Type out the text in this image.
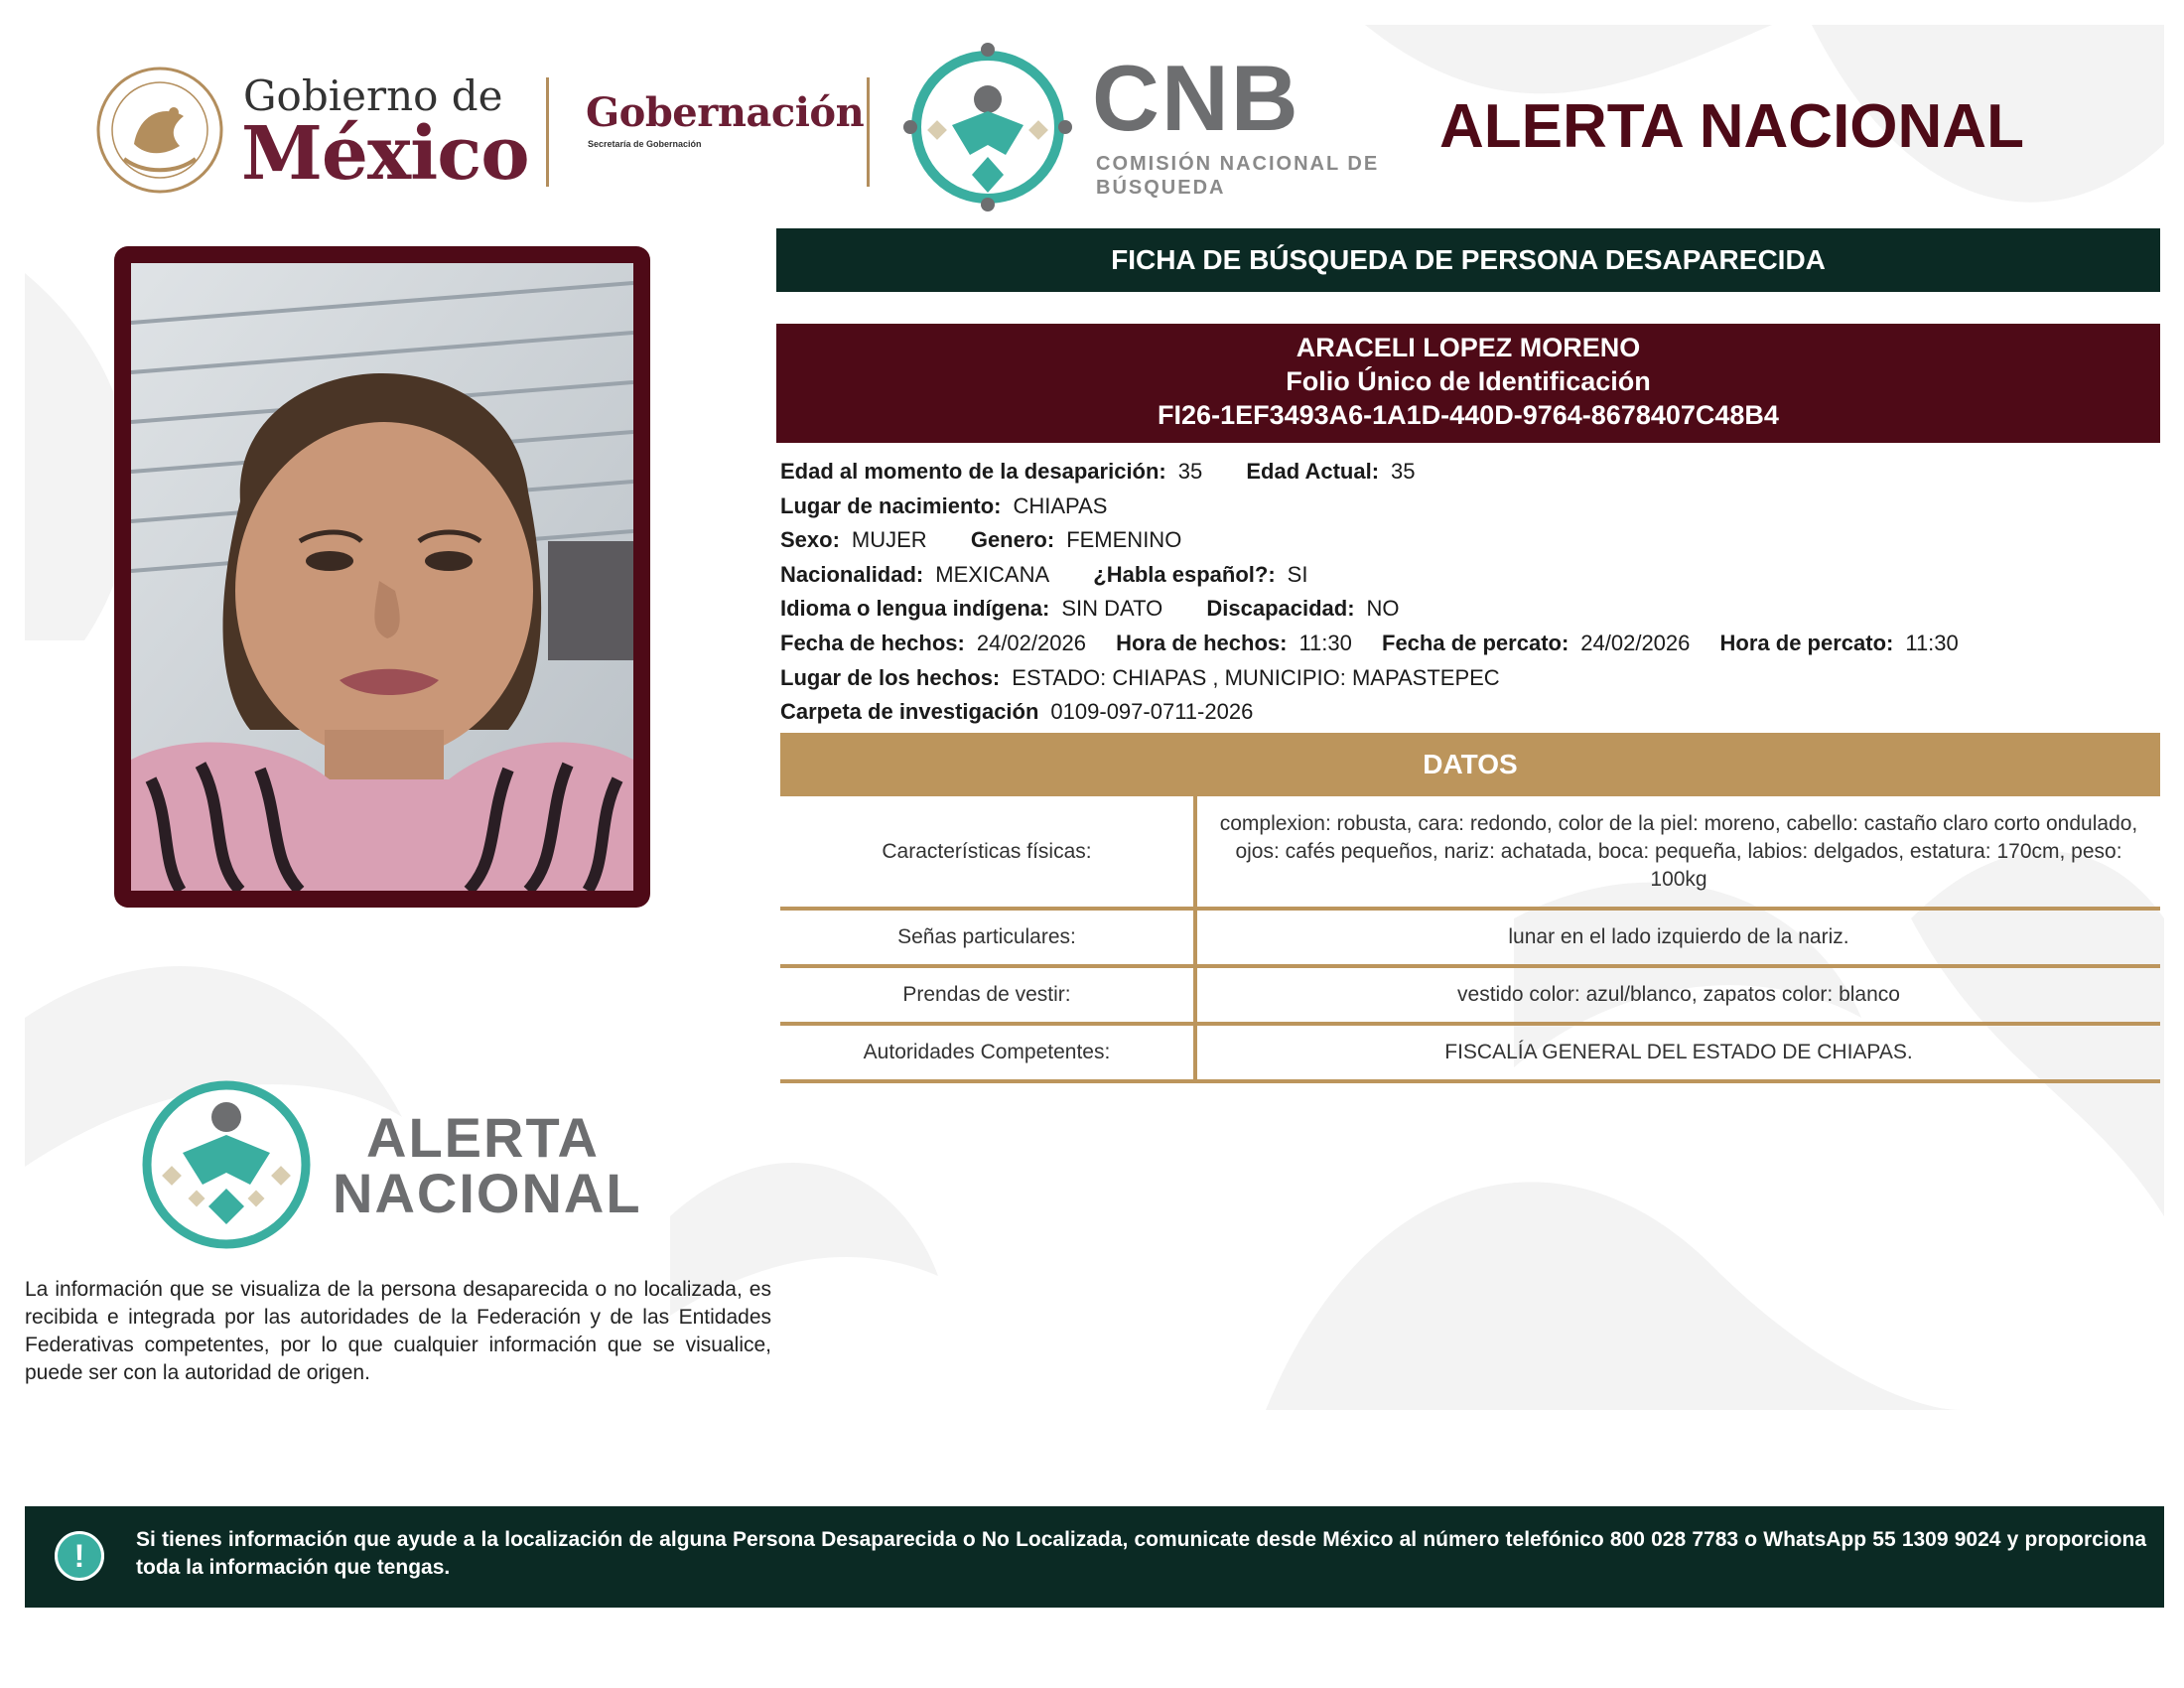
Gobierno de
México Gobernación
Secretaría de Gobernación	CNB
COMISIÓN NACIONAL DE BÚSQUEDA
ALERTA NACIONAL
FICHA DE BÚSQUEDA DE PERSONA DESAPARECIDA
ARACELI LOPEZ MORENO
Folio Único de Identificación
FI26-1EF3493A6-1A1D-440D-9764-8678407C48B4
Edad al momento de la desaparición: 35 Edad Actual: 35
Lugar de nacimiento: CHIAPAS
Sexo: MUJER Genero: FEMENINO
Nacionalidad: MEXICANA ¿Habla español?: SI
Idioma o lengua indígena: SIN DATO Discapacidad: NO
Fecha de hechos: 24/02/2026 Hora de hechos: 11:30 Fecha de percato: 24/02/2026 Hora de percato: 11:30
Lugar de los hechos: ESTADO: CHIAPAS , MUNICIPIO: MAPASTEPEC
Carpeta de investigación 0109-097-0711-2026
DATOS
Características físicas:
complexion: robusta, cara: redondo, color de la piel: moreno, cabello: castaño claro corto ondulado, ojos: cafés pequeños, nariz: achatada, boca: pequeña, labios: delgados, estatura: 170cm, peso: 100kg
Señas particulares:	lunar en el lado izquierdo de la nariz.
Prendas de vestir:	vestido color: azul/blanco, zapatos color: blanco
Autoridades Competentes:	FISCALÍA GENERAL DEL ESTADO DE CHIAPAS.
ALERTA
NACIONAL
La información que se visualiza de la persona desaparecida o no localizada, es recibida e integrada por las autoridades de la Federación y de las Entidades Federativas competentes, por lo que cualquier información que se visualice, puede ser con la autoridad de origen.
!	Si tienes información que ayude a la localización de alguna Persona Desaparecida o No Localizada, comunicate desde México al número telefónico 800 028 7783 o WhatsApp 55 1309 9024 y proporciona toda la información que tengas.
